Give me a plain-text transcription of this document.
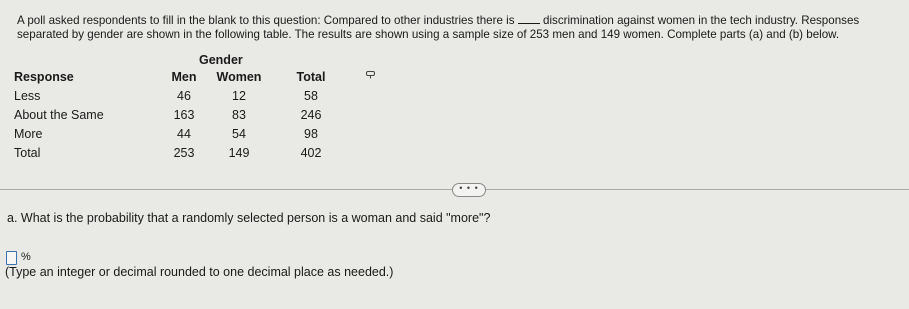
A poll asked respondents to fill in the blank to this question: Compared to other industries there is discrimination against women in the tech industry. Responses separated by gender are shown in the following table. The results are shown using a sample size of 253 men and 149 women. Complete parts (a) and (b) below.
Gender
Response	Men	Women	Total
Less	46	12	58
About the Same	163	83	246
More	44	54	98
Total	253	149	402
• • •
a. What is the probability that a randomly selected person is a woman and said "more"?
%
(Type an integer or decimal rounded to one decimal place as needed.)
